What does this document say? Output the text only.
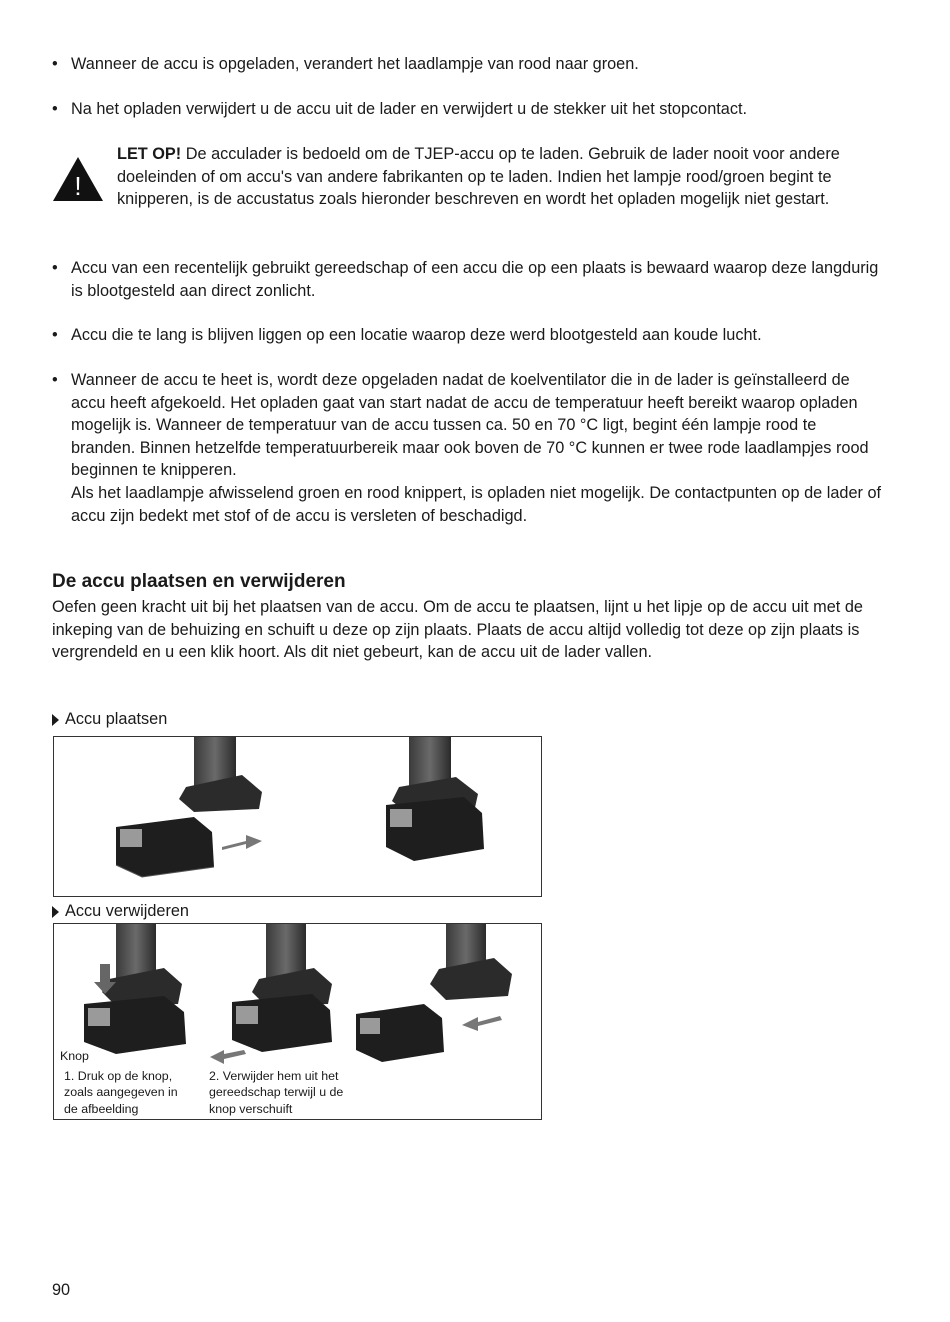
• Wanneer de accu is opgeladen, verandert het laadlampje van rood naar groen.
• Na het opladen verwijdert u de accu uit de lader en verwijdert u de stekker uit het stopcontact.
!
LET OP! De acculader is bedoeld om de TJEP-accu op te laden. Gebruik de lader nooit voor andere doeleinden of om accu's van andere fabrikanten op te laden. Indien het lampje rood/groen begint te knipperen, is de accustatus zoals hieronder beschreven en wordt het opladen mogelijk niet gestart.
• Accu van een recentelijk gebruikt gereedschap of een accu die op een plaats is bewaard waarop deze langdurig is blootgesteld aan direct zonlicht.
• Accu die te lang is blijven liggen op een locatie waarop deze werd blootgesteld aan koude lucht.
• Wanneer de accu te heet is, wordt deze opgeladen nadat de koelventilator die in de lader is geïnstalleerd de accu heeft afgekoeld. Het opladen gaat van start nadat de accu de temperatuur heeft bereikt waarop opladen mogelijk is. Wanneer de temperatuur van de accu tussen ca. 50 en 70 °C ligt, begint één lampje rood te branden. Binnen hetzelfde temperatuurbereik maar ook boven de 70 °C kunnen er twee rode laadlampjes rood beginnen te knipperen.
Als het laadlampje afwisselend groen en rood knippert, is opladen niet mogelijk. De contactpunten op de lader of accu zijn bedekt met stof of de accu is versleten of beschadigd.
De accu plaatsen en verwijderen
Oefen geen kracht uit bij het plaatsen van de accu. Om de accu te plaatsen, lijnt u het lipje op de accu uit met de inkeping van de behuizing en schuift u deze op zijn plaats. Plaats de accu altijd volledig tot deze op zijn plaats is vergrendeld en u een klik hoort. Als dit niet gebeurt, kan de accu uit de lader vallen.
Accu plaatsen
Accu verwijderen
Knop
1. Druk op de knop,
zoals aangegeven in
de afbeelding
2. Verwijder hem uit het
gereedschap terwijl u de
knop verschuift
90
